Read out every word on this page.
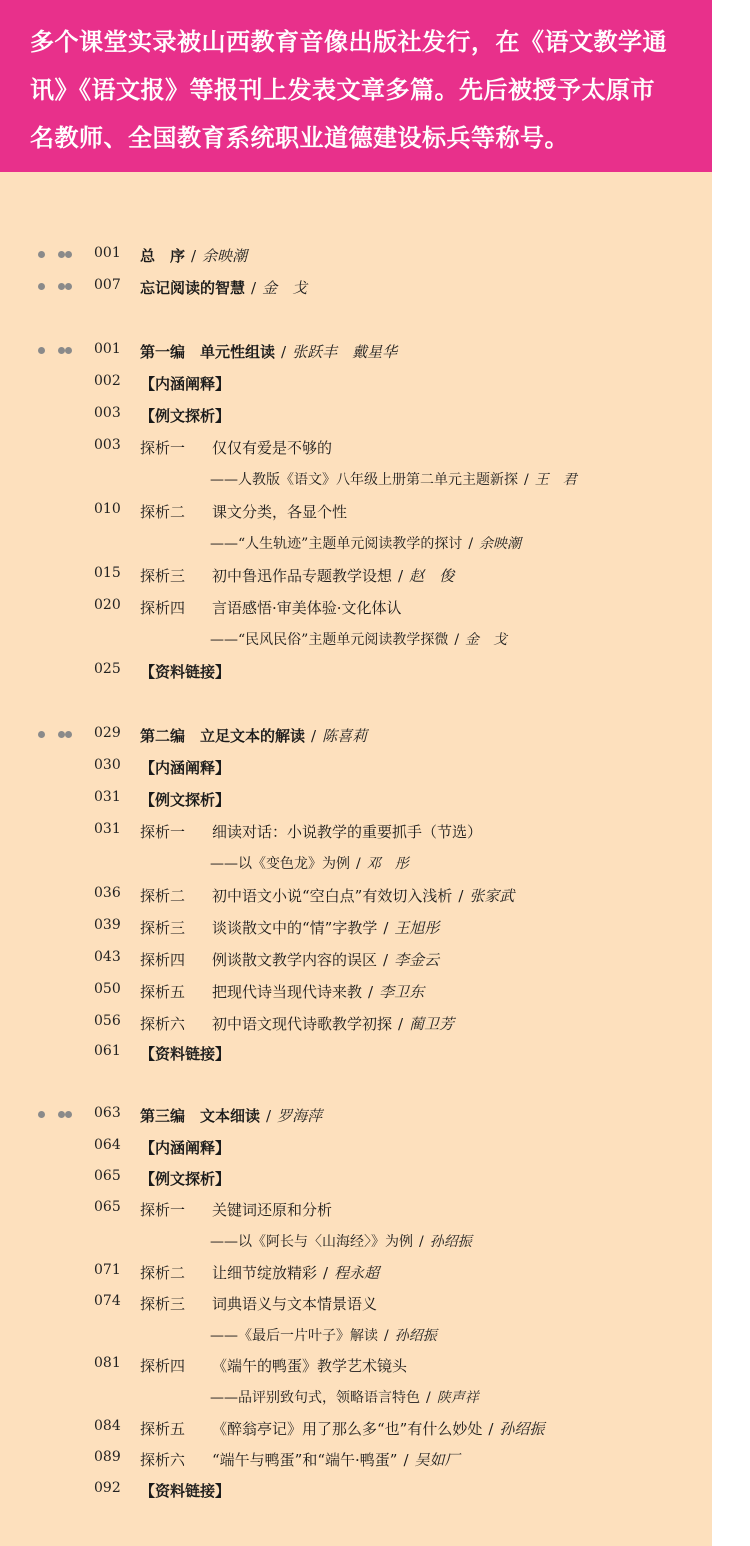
多个课堂实录被山西教育音像出版社发行，在《语文教学通
讯》《语文报》等报刊上发表文章多篇。先后被授予太原市
名教师、全国教育系统职业道德建设标兵等称号。
001 总　序 / 余映潮
007 忘记阅读的智慧 / 金　戈
001 第一编　单元性组读 / 张跃丰　戴星华
002 【内涵阐释】
003 【例文探析】
003 探析一 仅仅有爱是不够的
——人教版《语文》八年级上册第二单元主题新探 / 王　君
010 探析二 课文分类，各显个性
——“人生轨迹”主题单元阅读教学的探讨 / 余映潮
015 探析三 初中鲁迅作品专题教学设想 / 赵　俊
020 探析四 言语感悟·审美体验·文化体认
——“民风民俗”主题单元阅读教学探微 / 金　戈
025 【资料链接】
029 第二编　立足文本的解读 / 陈喜莉
030 【内涵阐释】
031 【例文探析】
031 探析一 细读对话：小说教学的重要抓手（节选）
——以《变色龙》为例 / 邓　彤
036 探析二 初中语文小说“空白点”有效切入浅析 / 张家武
039 探析三 谈谈散文中的“情”字教学 / 王旭彤
043 探析四 例谈散文教学内容的误区 / 李金云
050 探析五 把现代诗当现代诗来教 / 李卫东
056 探析六 初中语文现代诗歌教学初探 / 蔺卫芳
061 【资料链接】
063 第三编　文本细读 / 罗海萍
064 【内涵阐释】
065 【例文探析】
065 探析一 关键词还原和分析
——以《阿长与〈山海经〉》为例 / 孙绍振
071 探析二 让细节绽放精彩 / 程永超
074 探析三 词典语义与文本情景语义
——《最后一片叶子》解读 / 孙绍振
081 探析四 《端午的鸭蛋》教学艺术镜头
——品评别致句式，领略语言特色 / 陕声祥
084 探析五 《醉翁亭记》用了那么多“也”有什么妙处 / 孙绍振
089 探析六 “端午与鸭蛋”和“端午·鸭蛋” / 吴如厂
092 【资料链接】
